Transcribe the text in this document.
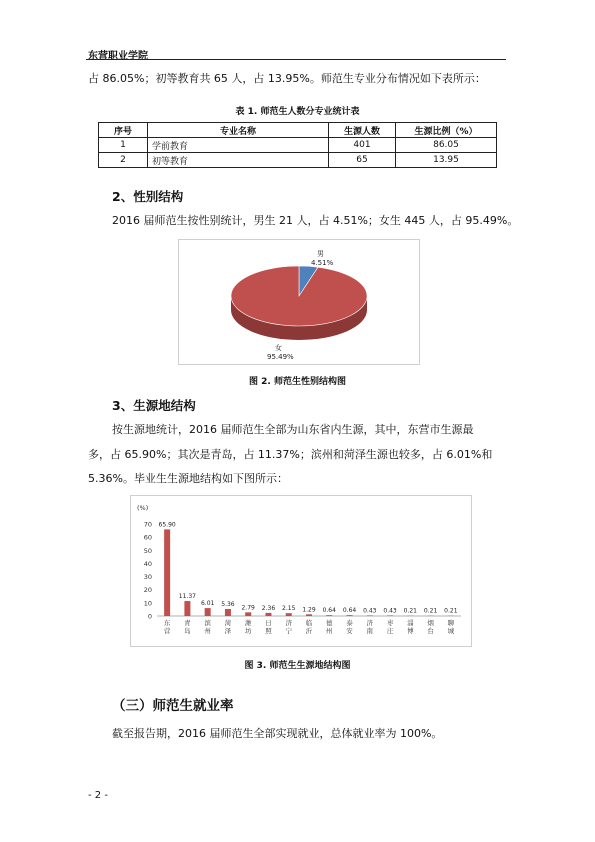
东营职业学院
占 86.05%；初等教育共 65 人，占 13.95%。师范生专业分布情况如下表所示：
表 1. 师范生人数分专业统计表
序号	专业名称	生源人数	生源比例（%）
1	学前教育	401	86.05
2	初等教育	65	13.95
2、性别结构
2016 届师范生按性别统计，男生 21 人，占 4.51%；女生 445 人，占 95.49%。
男
4.51%
女
95.49%
图 2. 师范生性别结构图
3、生源地结构
按生源地统计，2016 届师范生全部为山东省内生源，其中，东营市生源最
多，占 65.90%；其次是青岛，占 11.37%；滨州和菏泽生源也较多，占 6.01%和
5.36%。毕业生生源地结构如下图所示：
(%)
0
10
20
30
40
50
60
70 65.90
东
营
11.37
青
岛
6.01
滨
州
5.36
菏
泽
2.79
潍
坊
2.36
日
照
2.15
济
宁
1.29
临
沂
0.64
德
州
0.64
泰
安
0.43
济
南
0.43
枣
庄
0.21
淄
博
0.21
烟
台
0.21
聊
城
图 3. 师范生生源地结构图
（三）师范生就业率
截至报告期，2016 届师范生全部实现就业，总体就业率为 100%。
- 2 -
